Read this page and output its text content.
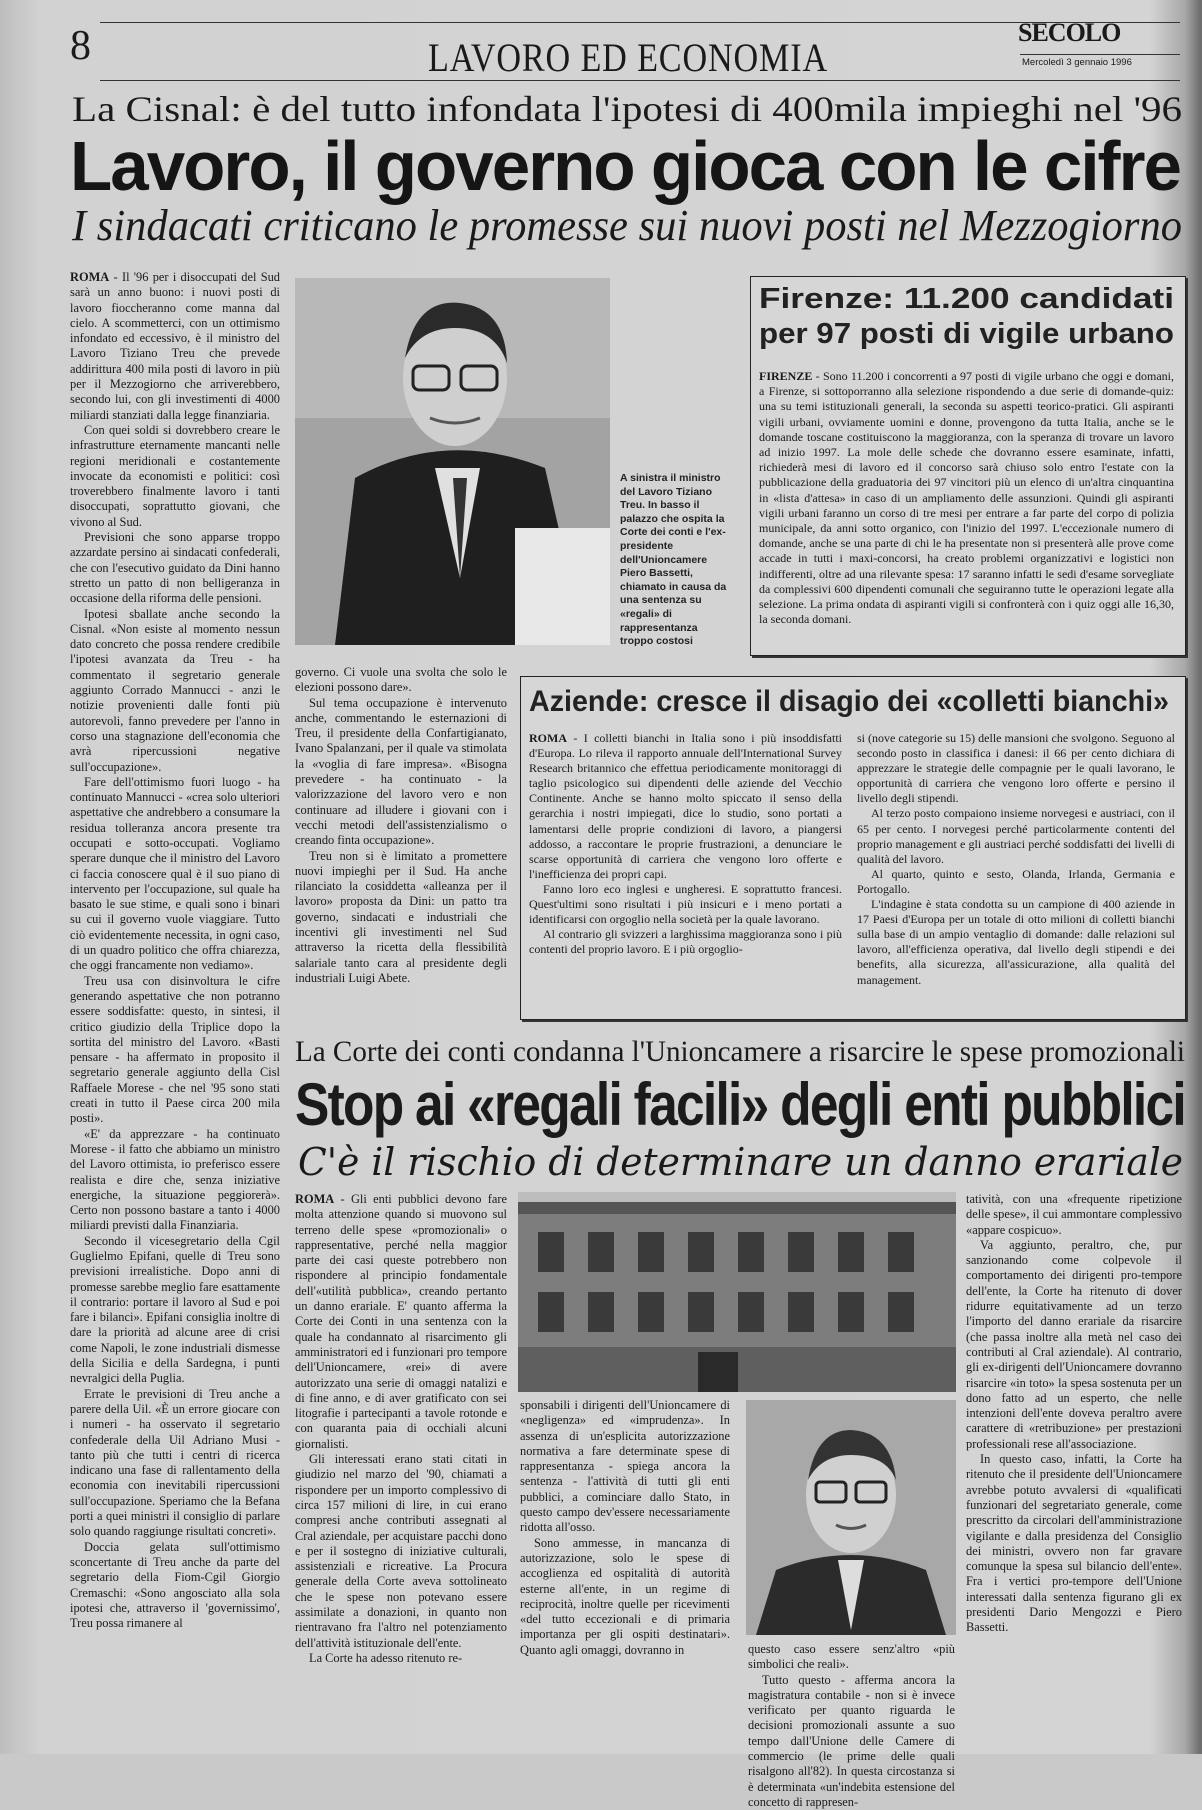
8	LAVORO ED ECONOMIA
SECOLO
Mercoledì 3 gennaio 1996
La Cisnal: è del tutto infondata l'ipotesi di 400mila impieghi nel '96
Lavoro, il governo gioca con le cifre
I sindacati criticano le promesse sui nuovi posti nel Mezzogiorno

ROMA - Il '96 per i disoccupati del Sud sarà un anno buono: i nuovi posti di lavoro fioccheranno come manna dal cielo. A scommetterci, con un ottimismo infondato ed eccessivo, è il ministro del Lavoro Tiziano Treu che prevede addirittura 400 mila posti di lavoro in più per il Mezzogiorno che arriverebbero, secondo lui, con gli investimenti di 4000 miliardi stanziati dalla legge finanziaria.

Con quei soldi si dovrebbero creare le infrastrutture eternamente mancanti nelle regioni meridionali e costantemente invocate da economisti e politici: così troverebbero finalmente lavoro i tanti disoccupati, soprattutto giovani, che vivono al Sud.

Previsioni che sono apparse troppo azzardate persino ai sindacati confederali, che con l'esecutivo guidato da Dini hanno stretto un patto di non belligeranza in occasione della riforma delle pensioni.

Ipotesi sballate anche secondo la Cisnal. «Non esiste al momento nessun dato concreto che possa rendere credibile l'ipotesi avanzata da Treu - ha commentato il segretario generale aggiunto Corrado Mannucci - anzi le notizie provenienti dalle fonti più autorevoli, fanno prevedere per l'anno in corso una stagnazione dell'economia che avrà ripercussioni negative sull'occupazione».

Fare dell'ottimismo fuori luogo - ha continuato Mannucci - «crea solo ulteriori aspettative che andrebbero a consumare la residua tolleranza ancora presente tra occupati e sotto-occupati. Vogliamo sperare dunque che il ministro del Lavoro ci faccia conoscere qual è il suo piano di intervento per l'occupazione, sul quale ha basato le sue stime, e quali sono i binari su cui il governo vuole viaggiare. Tutto ciò evidentemente necessita, in ogni caso, di un quadro politico che offra chiarezza, che oggi francamente non vediamo».

Treu usa con disinvoltura le cifre generando aspettative che non potranno essere soddisfatte: questo, in sintesi, il critico giudizio della Triplice dopo la sortita del ministro del Lavoro. «Basti pensare - ha affermato in proposito il segretario generale aggiunto della Cisl Raffaele Morese - che nel '95 sono stati creati in tutto il Paese circa 200 mila posti».

«E' da apprezzare - ha continuato Morese - il fatto che abbiamo un ministro del Lavoro ottimista, io preferisco essere realista e dire che, senza iniziative energiche, la situazione peggiorerà». Certo non possono bastare a tanto i 4000 miliardi previsti dalla Finanziaria.

Secondo il vicesegretario della Cgil Guglielmo Epifani, quelle di Treu sono previsioni irrealistiche. Dopo anni di promesse sarebbe meglio fare esattamente il contrario: portare il lavoro al Sud e poi fare i bilanci». Epifani consiglia inoltre di dare la priorità ad alcune aree di crisi come Napoli, le zone industriali dismesse della Sicilia e della Sardegna, i punti nevralgici della Puglia.

Errate le previsioni di Treu anche a parere della Uil. «È un errore giocare con i numeri - ha osservato il segretario confederale della Uil Adriano Musi - tanto più che tutti i centri di ricerca indicano una fase di rallentamento della economia con inevitabili ripercussioni sull'occupazione. Speriamo che la Befana porti a quei ministri il consiglio di parlare solo quando raggiunge risultati concreti».

Doccia gelata sull'ottimismo sconcertante di Treu anche da parte del segretario della Fiom-Cgil Giorgio Cremaschi: «Sono angosciato alla sola ipotesi che, attraverso il 'governissimo', Treu possa rimanere al

A sinistra il ministro del Lavoro Tiziano Treu. In basso il palazzo che ospita la Corte dei conti e l'ex-presidente dell'Unioncamere Piero Bassetti, chiamato in causa da una sentenza su «regali» di rappresentanza troppo costosi
Firenze: 11.200 candidati
per 97 posti di vigile urbano

FIRENZE - Sono 11.200 i concorrenti a 97 posti di vigile urbano che oggi e domani, a Firenze, si sottoporranno alla selezione rispondendo a due serie di domande-quiz: una su temi istituzionali generali, la seconda su aspetti teorico-pratici. Gli aspiranti vigili urbani, ovviamente uomini e donne, provengono da tutta Italia, anche se le domande toscane costituiscono la maggioranza, con la speranza di trovare un lavoro ad inizio 1997. La mole delle schede che dovranno essere esaminate, infatti, richiederà mesi di lavoro ed il concorso sarà chiuso solo entro l'estate con la pubblicazione della graduatoria dei 97 vincitori più un elenco di un'altra cinquantina in «lista d'attesa» in caso di un ampliamento delle assunzioni. Quindi gli aspiranti vigili urbani faranno un corso di tre mesi per entrare a far parte del corpo di polizia municipale, da anni sotto organico, con l'inizio del 1997. L'eccezionale numero di domande, anche se una parte di chi le ha presentate non si presenterà alle prove come accade in tutti i maxi-concorsi, ha creato problemi organizzativi e logistici non indifferenti, oltre ad una rilevante spesa: 17 saranno infatti le sedi d'esame sorvegliate da complessivi 600 dipendenti comunali che seguiranno tutte le operazioni legate alla selezione. La prima ondata di aspiranti vigili si confronterà con i quiz oggi alle 16,30, la seconda domani.

governo. Ci vuole una svolta che solo le elezioni possono dare».

Sul tema occupazione è intervenuto anche, commentando le esternazioni di Treu, il presidente della Confartigianato, Ivano Spalanzani, per il quale va stimolata la «voglia di fare impresa». «Bisogna prevedere - ha continuato - la valorizzazione del lavoro vero e non continuare ad illudere i giovani con i vecchi metodi dell'assistenzialismo o creando finta occupazione».

Treu non si è limitato a promettere nuovi impieghi per il Sud. Ha anche rilanciato la cosiddetta «alleanza per il lavoro» proposta da Dini: un patto tra governo, sindacati e industriali che incentivi gli investimenti nel Sud attraverso la ricetta della flessibilità salariale tanto cara al presidente degli industriali Luigi Abete.

Aziende: cresce il disagio dei «colletti bianchi»

ROMA - I colletti bianchi in Italia sono i più insoddisfatti d'Europa. Lo rileva il rapporto annuale dell'International Survey Research britannico che effettua periodicamente monitoraggi di taglio psicologico sui dipendenti delle aziende del Vecchio Continente. Anche se hanno molto spiccato il senso della gerarchia i nostri impiegati, dice lo studio, sono portati a lamentarsi delle proprie condizioni di lavoro, a piangersi addosso, a raccontare le proprie frustrazioni, a denunciare le scarse opportunità di carriera che vengono loro offerte e l'inefficienza dei propri capi.

Fanno loro eco inglesi e ungheresi. E soprattutto francesi. Quest'ultimi sono risultati i più insicuri e i meno portati a identificarsi con orgoglio nella società per la quale lavorano.

Al contrario gli svizzeri a larghissima maggioranza sono i più contenti del proprio lavoro. E i più orgoglio-

si (nove categorie su 15) delle mansioni che svolgono. Seguono al secondo posto in classifica i danesi: il 66 per cento dichiara di apprezzare le strategie delle compagnie per le quali lavorano, le opportunità di carriera che vengono loro offerte e persino il livello degli stipendi.

Al terzo posto compaiono insieme norvegesi e austriaci, con il 65 per cento. I norvegesi perché particolarmente contenti del proprio management e gli austriaci perché soddisfatti dei livelli di qualità del lavoro.

Al quarto, quinto e sesto, Olanda, Irlanda, Germania e Portogallo.

L'indagine è stata condotta su un campione di 400 aziende in 17 Paesi d'Europa per un totale di otto milioni di colletti bianchi sulla base di un ampio ventaglio di domande: dalle relazioni sul lavoro, all'efficienza operativa, dal livello degli stipendi e dei benefits, alla sicurezza, all'assicurazione, alla qualità del management.

La Corte dei conti condanna l'Unioncamere a risarcire le spese promozionali
Stop ai «regali facili» degli enti pubblici
C'è il rischio di determinare un danno erariale

ROMA - Gli enti pubblici devono fare molta attenzione quando si muovono sul terreno delle spese «promozionali» o rappresentative, perché nella maggior parte dei casi queste potrebbero non rispondere al principio fondamentale dell'«utilità pubblica», creando pertanto un danno erariale. E' quanto afferma la Corte dei Conti in una sentenza con la quale ha condannato al risarcimento gli amministratori ed i funzionari pro tempore dell'Unioncamere, «rei» di avere autorizzato una serie di omaggi natalizi e di fine anno, e di aver gratificato con sei litografie i partecipanti a tavole rotonde e con quaranta paia di occhiali alcuni giornalisti.

Gli interessati erano stati citati in giudizio nel marzo del '90, chiamati a rispondere per un importo complessivo di circa 157 milioni di lire, in cui erano compresi anche contributi assegnati al Cral aziendale, per acquistare pacchi dono e per il sostegno di iniziative culturali, assistenziali e ricreative. La Procura generale della Corte aveva sottolineato che le spese non potevano essere assimilate a donazioni, in quanto non rientravano fra l'altro nel potenziamento dell'attività istituzionale dell'ente.

La Corte ha adesso ritenuto re-

sponsabili i dirigenti dell'Unioncamere di «negligenza» ed «imprudenza». In assenza di un'esplicita autorizzazione normativa a fare determinate spese di rappresentanza - spiega ancora la sentenza - l'attività di tutti gli enti pubblici, a cominciare dallo Stato, in questo campo dev'essere necessariamente ridotta all'osso.

Sono ammesse, in mancanza di autorizzazione, solo le spese di accoglienza ed ospitalità di autorità esterne all'ente, in un regime di reciprocità, inoltre quelle per ricevimenti «del tutto eccezionali e di primaria importanza per gli ospiti destinatari». Quanto agli omaggi, dovranno in	questo caso essere senz'altro «più simbolici che reali».

Tutto questo - afferma ancora la magistratura contabile - non si è invece verificato per quanto riguarda le decisioni promozionali assunte a suo tempo dall'Unione delle Camere di commercio (le prime delle quali risalgono all'82). In questa circostanza si è determinata «un'indebita estensione del concetto di rappresen-

tatività, con una «frequente ripetizione delle spese», il cui ammontare complessivo «appare cospicuo».

Va aggiunto, peraltro, che, pur sanzionando come colpevole il comportamento dei dirigenti pro-tempore dell'ente, la Corte ha ritenuto di dover ridurre equitativamente ad un terzo l'importo del danno erariale da risarcire (che passa inoltre alla metà nel caso dei contributi al Cral aziendale). Al contrario, gli ex-dirigenti dell'Unioncamere dovranno risarcire «in toto» la spesa sostenuta per un dono fatto ad un esperto, che nelle intenzioni dell'ente doveva peraltro avere carattere di «retribuzione» per prestazioni professionali rese all'associazione.

In questo caso, infatti, la Corte ha ritenuto che il presidente dell'Unioncamere avrebbe potuto avvalersi di «qualificati funzionari del segretariato generale, come prescritto da circolari dell'amministrazione vigilante e dalla presidenza del Consiglio dei ministri, ovvero non far gravare comunque la spesa sul bilancio dell'ente». Fra i vertici pro-tempore dell'Unione interessati dalla sentenza figurano gli ex presidenti Dario Mengozzi e Piero Bassetti.
